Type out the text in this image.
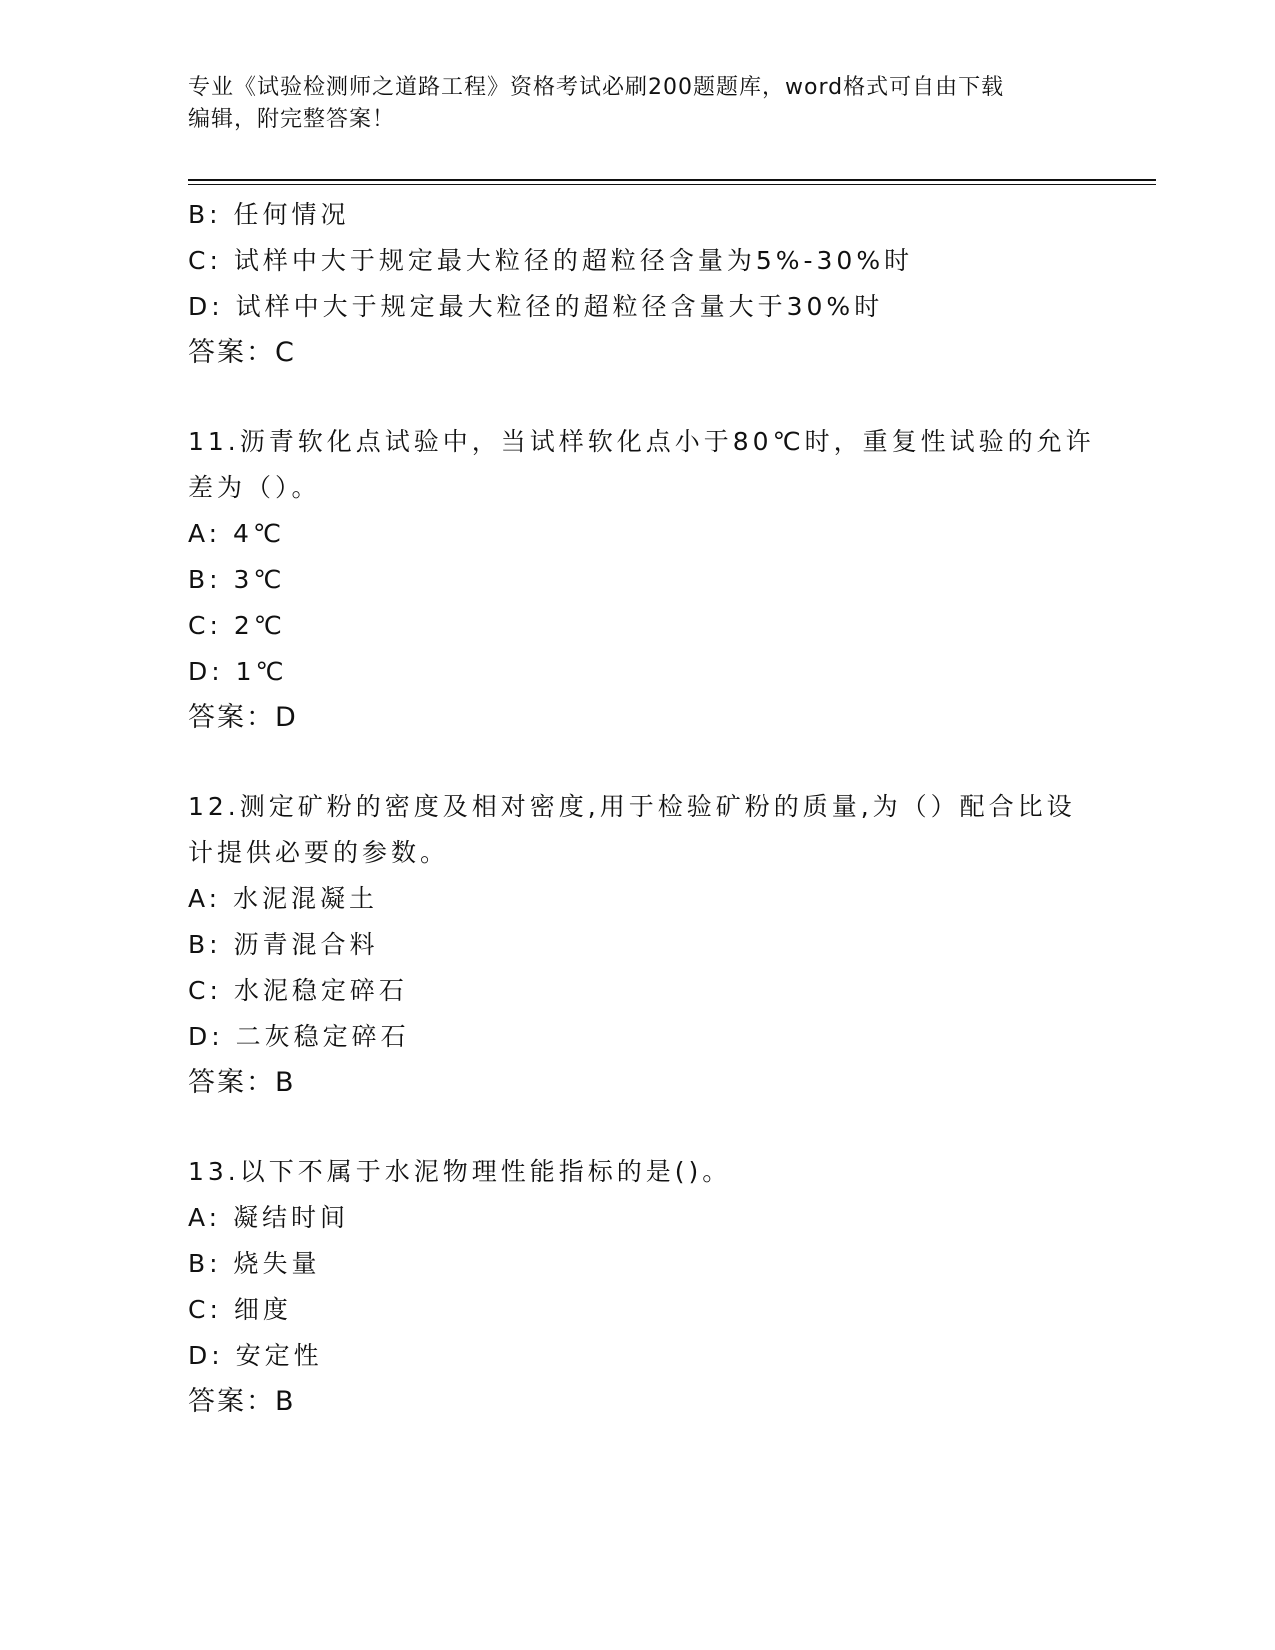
专业《试验检测师之道路工程》资格考试必刷200题题库，word格式可自由下载
编辑，附完整答案！
B: 任何情况
C: 试样中大于规定最大粒径的超粒径含量为5%-30%时
D: 试样中大于规定最大粒径的超粒径含量大于30%时
答案：C
11.沥青软化点试验中，当试样软化点小于80℃时，重复性试验的允许
差为（）。
A: 4℃
B: 3℃
C: 2℃
D: 1℃
答案：D
12.测定矿粉的密度及相对密度,用于检验矿粉的质量,为（）配合比设
计提供必要的参数。
A: 水泥混凝土
B: 沥青混合料
C: 水泥稳定碎石
D: 二灰稳定碎石
答案：B
13.以下不属于水泥物理性能指标的是()。
A: 凝结时间
B: 烧失量
C: 细度
D: 安定性
答案：B
